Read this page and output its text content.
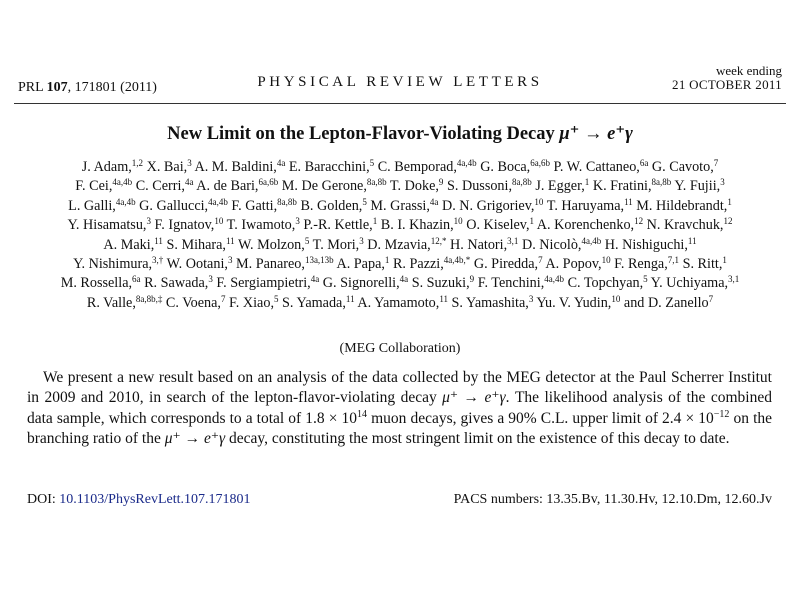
PRL 107, 171801 (2011)	PHYSICAL REVIEW LETTERS
week ending
21 OCTOBER 2011
New Limit on the Lepton-Flavor-Violating Decay μ⁺ → e⁺γ
J. Adam,$^{1,2}$ X. Bai,$^3$ A. M. Baldini,$^{4a}$ E. Baracchini,$^5$ C. Bemporad,$^{4a,4b}$ G. Boca,$^{6a,6b}$ P. W. Cattaneo,$^{6a}$ G. Cavoto,$^7$
F. Cei,$^{4a,4b}$ C. Cerri,$^{4a}$ A. de Bari,$^{6a,6b}$ M. De Gerone,$^{8a,8b}$ T. Doke,$^9$ S. Dussoni,$^{8a,8b}$ J. Egger,$^1$ K. Fratini,$^{8a,8b}$ Y. Fujii,$^3$
L. Galli,$^{4a,4b}$ G. Gallucci,$^{4a,4b}$ F. Gatti,$^{8a,8b}$ B. Golden,$^5$ M. Grassi,$^{4a}$ D. N. Grigoriev,$^{10}$ T. Haruyama,$^{11}$ M. Hildebrandt,$^1$
Y. Hisamatsu,$^3$ F. Ignatov,$^{10}$ T. Iwamoto,$^3$ P.-R. Kettle,$^1$ B. I. Khazin,$^{10}$ O. Kiselev,$^1$ A. Korenchenko,$^{12}$ N. Kravchuk,$^{12}$
A. Maki,$^{11}$ S. Mihara,$^{11}$ W. Molzon,$^5$ T. Mori,$^3$ D. Mzavia,$^{12,*}$ H. Natori,$^{3,1}$ D. Nicolò,$^{4a,4b}$ H. Nishiguchi,$^{11}$
Y. Nishimura,$^{3,\dagger}$ W. Ootani,$^3$ M. Panareo,$^{13a,13b}$ A. Papa,$^1$ R. Pazzi,$^{4a,4b,*}$ G. Piredda,$^7$ A. Popov,$^{10}$ F. Renga,$^{7,1}$ S. Ritt,$^1$
M. Rossella,$^{6a}$ R. Sawada,$^3$ F. Sergiampietri,$^{4a}$ G. Signorelli,$^{4a}$ S. Suzuki,$^9$ F. Tenchini,$^{4a,4b}$ C. Topchyan,$^5$ Y. Uchiyama,$^{3,1}$
R. Valle,$^{8a,8b,\ddagger}$ C. Voena,$^7$ F. Xiao,$^5$ S. Yamada,$^{11}$ A. Yamamoto,$^{11}$ S. Yamashita,$^3$ Yu. V. Yudin,$^{10}$ and D. Zanello$^7$
(MEG Collaboration)
We present a new result based on an analysis of the data collected by the MEG detector at the Paul Scherrer Institut in 2009 and 2010, in search of the lepton-flavor-violating decay μ⁺ → e⁺γ. The likelihood analysis of the combined data sample, which corresponds to a total of $1.8 \times 10^{14}$ muon decays, gives a 90% C.L. upper limit of $2.4 \times 10^{-12}$ on the branching ratio of the μ⁺ → e⁺γ decay, constituting the most stringent limit on the existence of this decay to date.
DOI: 10.1103/PhysRevLett.107.171801	PACS numbers: 13.35.Bv, 11.30.Hv, 12.10.Dm, 12.60.Jv
